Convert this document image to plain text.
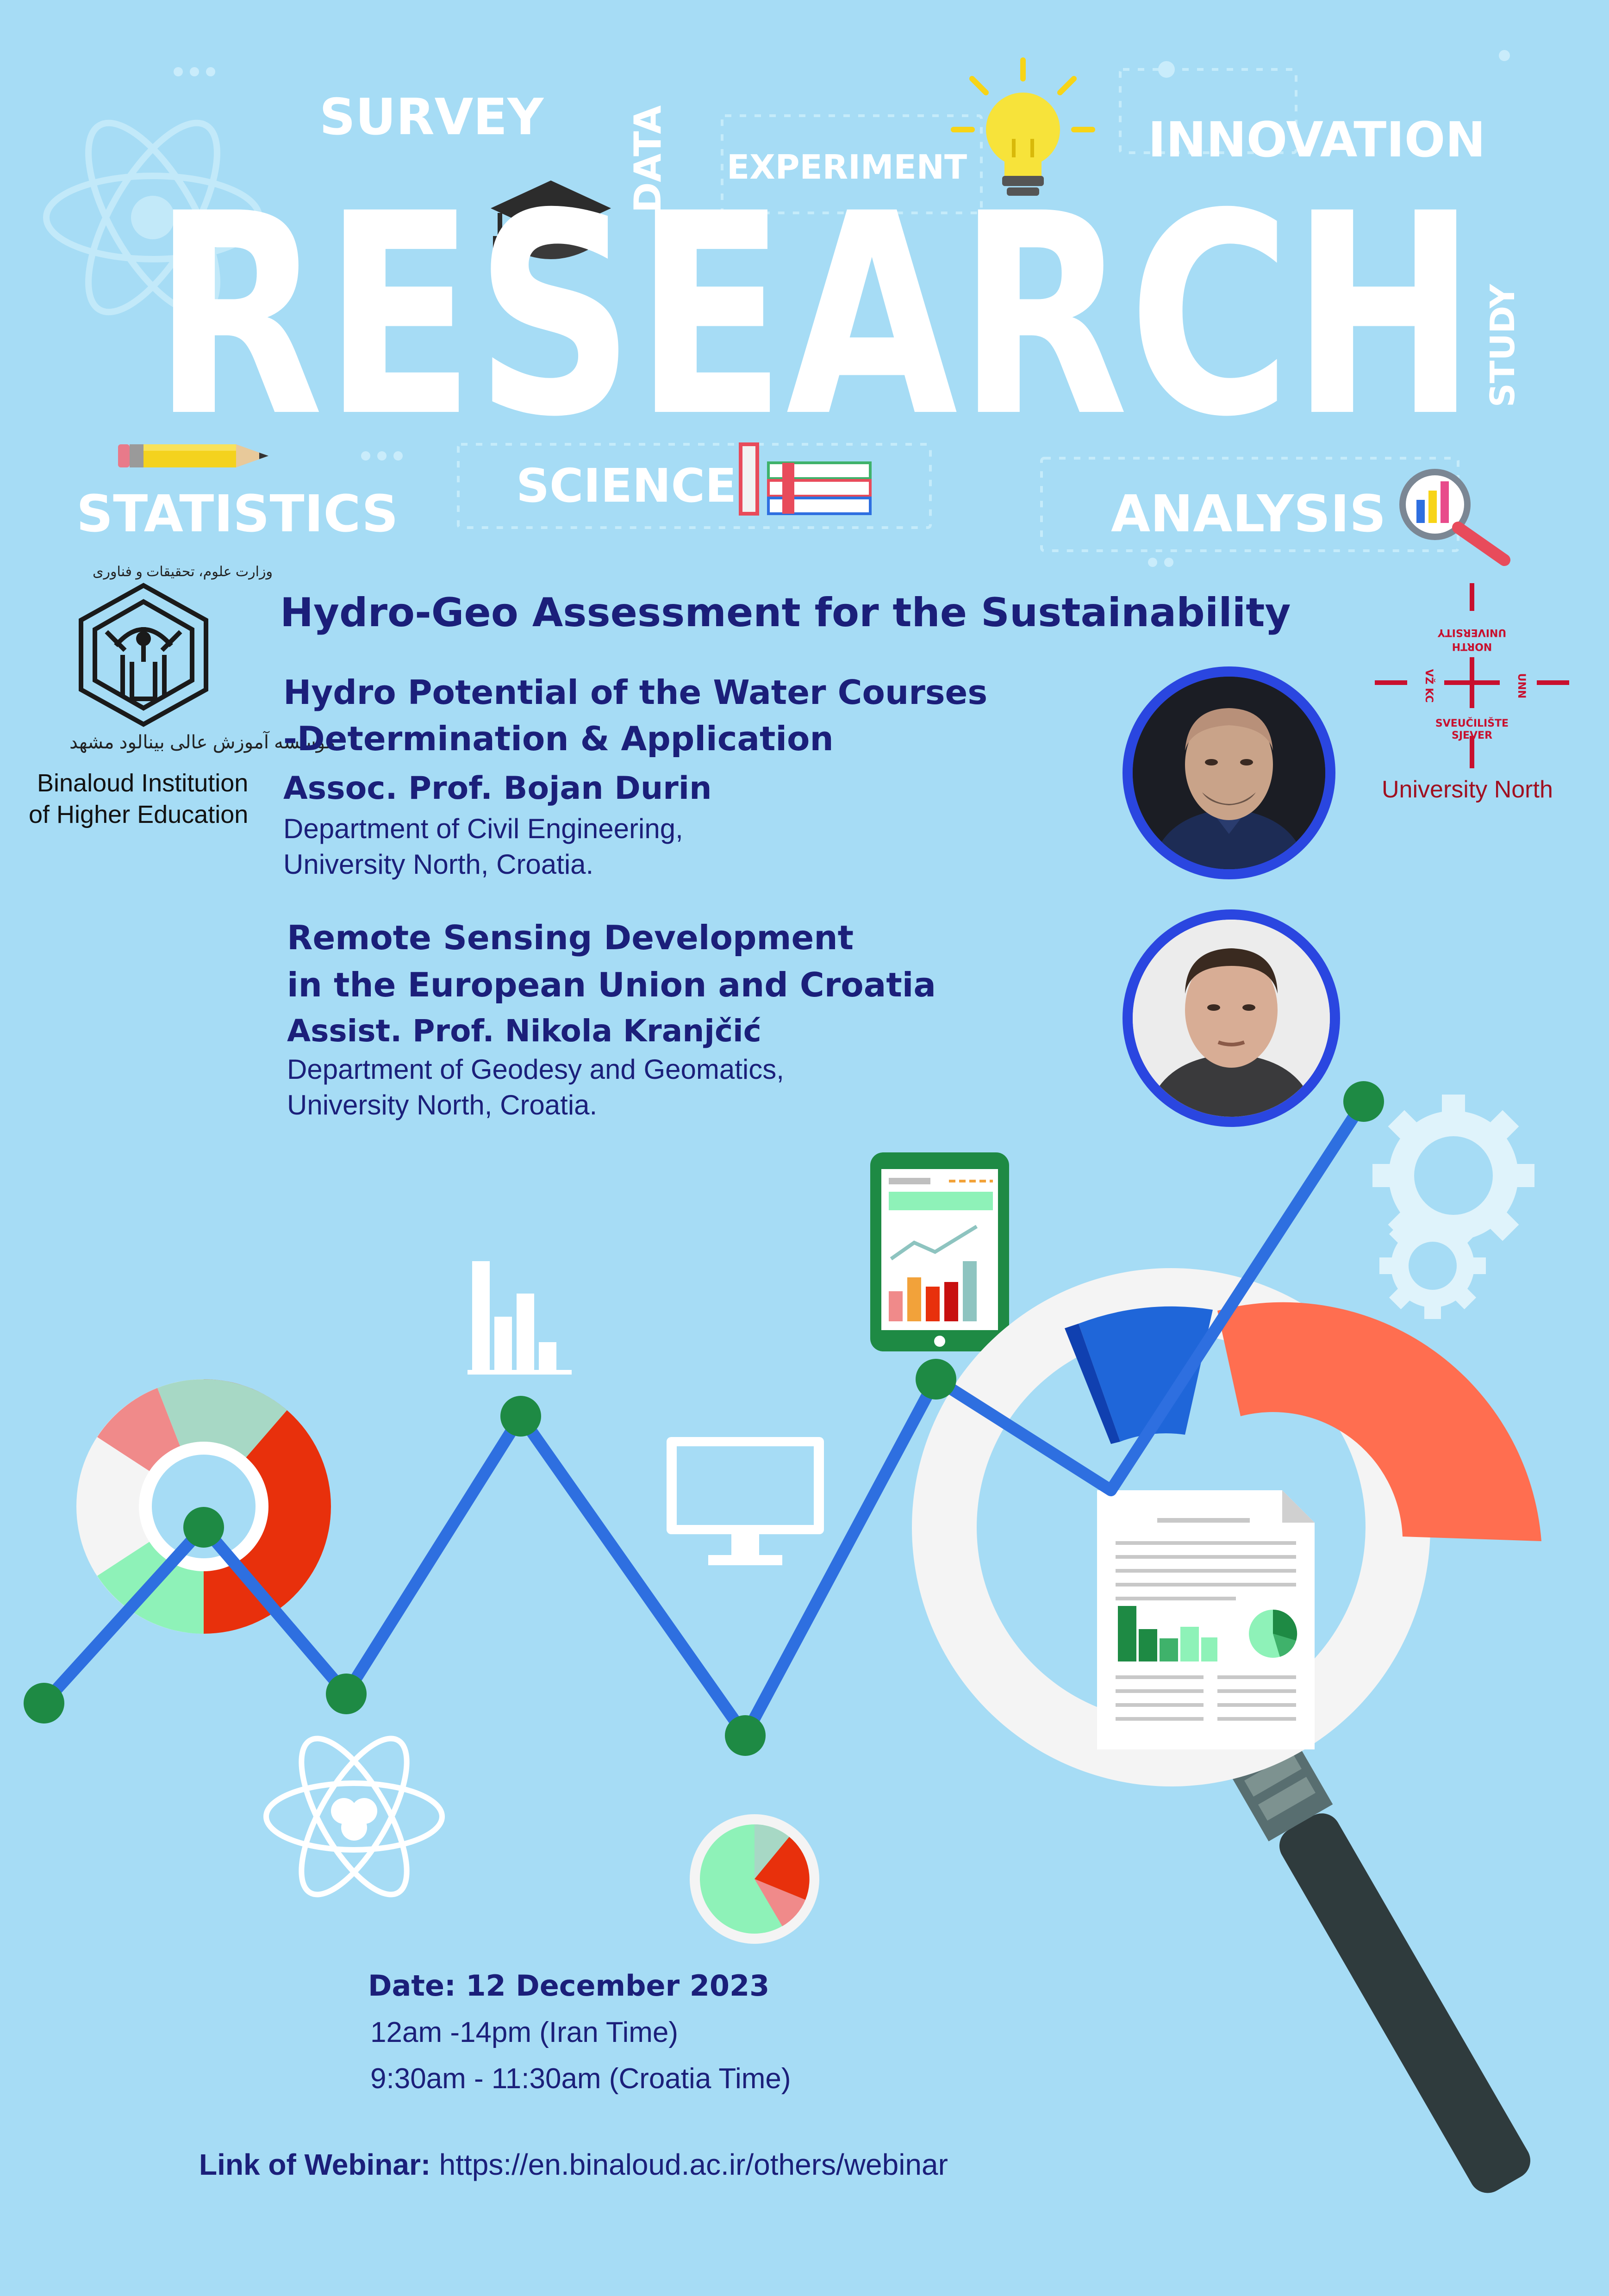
SURVEY DATA EXPERIMENT	INNOVATION
STUDY
STATISTICS	SCIENCE	ANALYSIS
RESEARCH
وزارت علوم، تحقیقات و فناوری
موسسه آموزش عالی بینالود مشهد
Binaloud Institution
of Higher Education
UNIVERSITY
NORTH
SVEUČILIŠTE
SJEVER
VŽ KC	UNN
University North
Hydro-Geo Assessment for the Sustainability
Hydro Potential of the Water Courses
-Determination & Application
Assoc. Prof. Bojan Durin
Department of Civil Engineering,
University North, Croatia.
Remote Sensing Development
in the European Union and Croatia
Assist. Prof. Nikola Kranjčić
Department of Geodesy and Geomatics,
University North, Croatia.
Date: 12 December 2023
12am -14pm (Iran Time)
9:30am - 11:30am (Croatia Time)
Link of Webinar: https://en.binaloud.ac.ir/others/webinar
